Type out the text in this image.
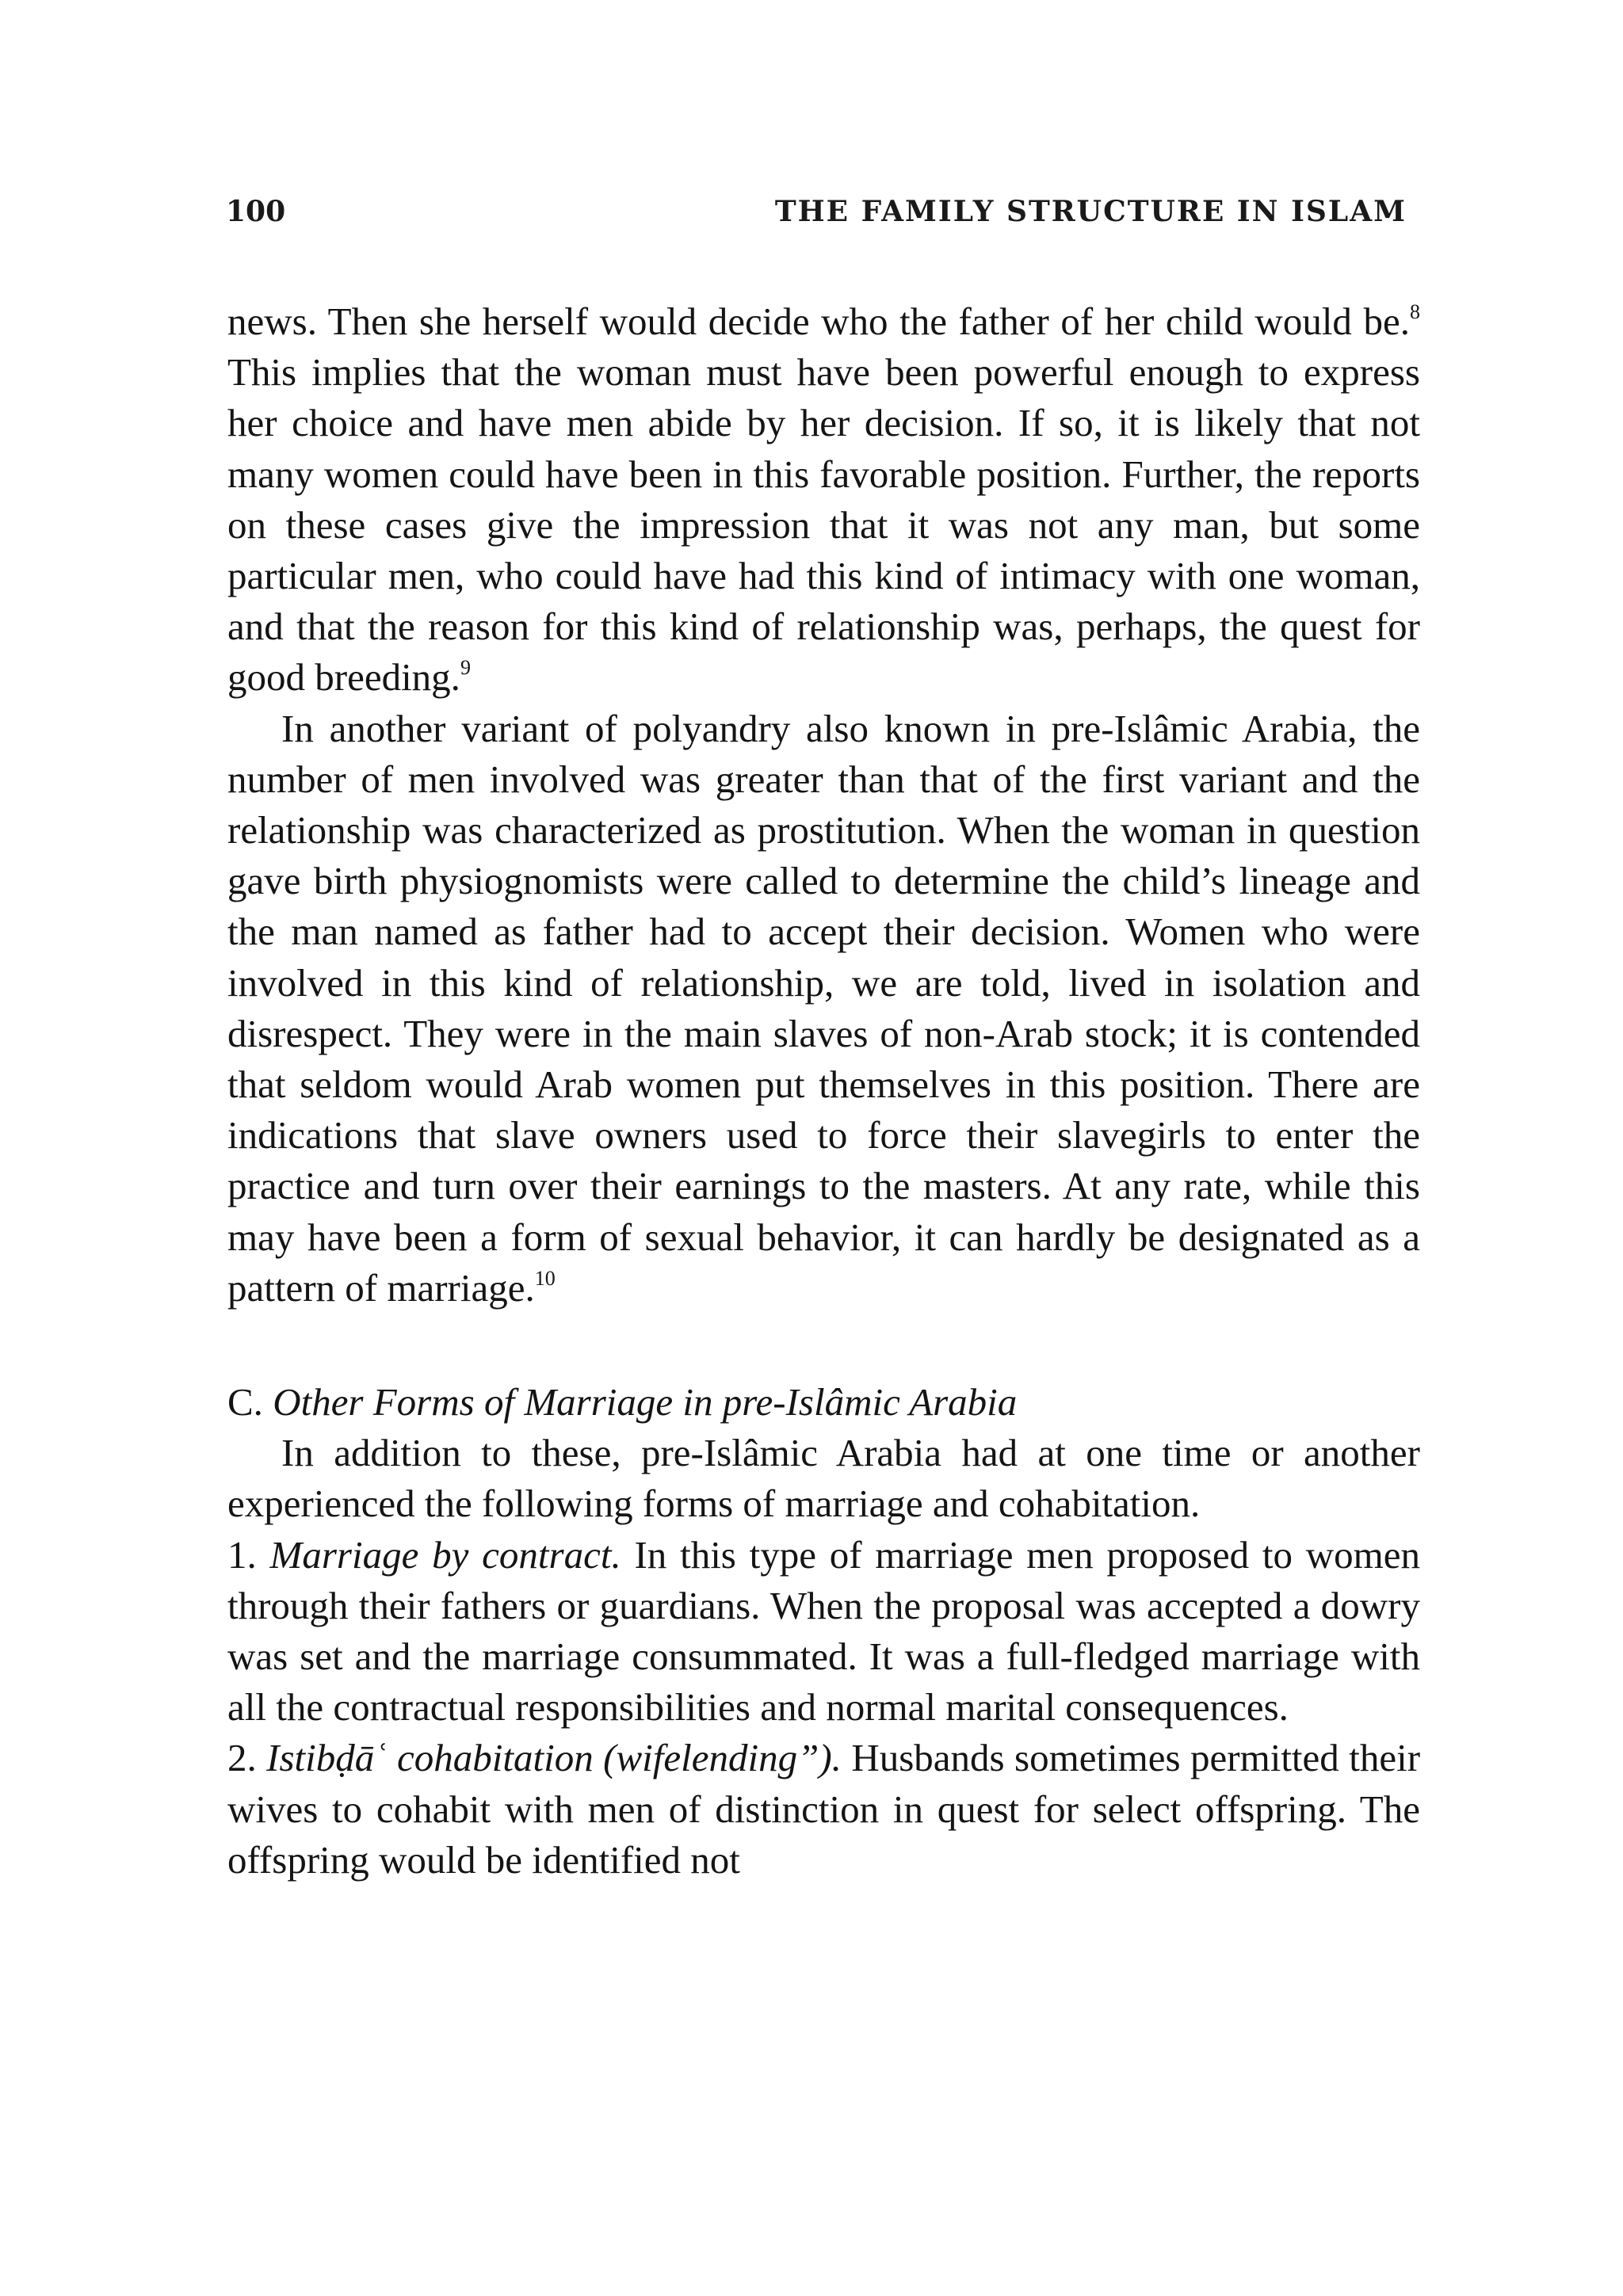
100	THE FAMILY STRUCTURE IN ISLAM

news. Then she herself would decide who the father of her child would be.$^8$ This implies that the woman must have been powerful enough to express her choice and have men abide by her decision. If so, it is likely that not many women could have been in this favorable position. Further, the reports on these cases give the impression that it was not any man, but some particular men, who could have had this kind of intimacy with one woman, and that the reason for this kind of relationship was, perhaps, the quest for good breeding.$^9$

In another variant of polyandry also known in pre-Islâmic Arabia, the number of men involved was greater than that of the first variant and the relationship was characterized as prostitution. When the woman in question gave birth physiognomists were called to determine the child’s lineage and the man named as father had to accept their decision. Women who were involved in this kind of relationship, we are told, lived in isolation and disrespect. They were in the main slaves of non-Arab stock; it is contended that seldom would Arab women put themselves in this position. There are indications that slave owners used to force their slavegirls to enter the practice and turn over their earnings to the masters. At any rate, while this may have been a form of sexual behavior, it can hardly be designated as a pattern of marriage.$^{10}$

C. Other Forms of Marriage in pre-Islâmic Arabia

In addition to these, pre-Islâmic Arabia had at one time or another experienced the following forms of marriage and cohabitation.

1. Marriage by contract. In this type of marriage men proposed to women through their fathers or guardians. When the proposal was accepted a dowry was set and the marriage consummated. It was a full-fledged marriage with all the contractual responsibilities and normal marital consequences.

2. Istibḍāʿ cohabitation (wifelending”). Husbands sometimes permitted their wives to cohabit with men of distinction in quest for select offspring. The offspring would be identified not
